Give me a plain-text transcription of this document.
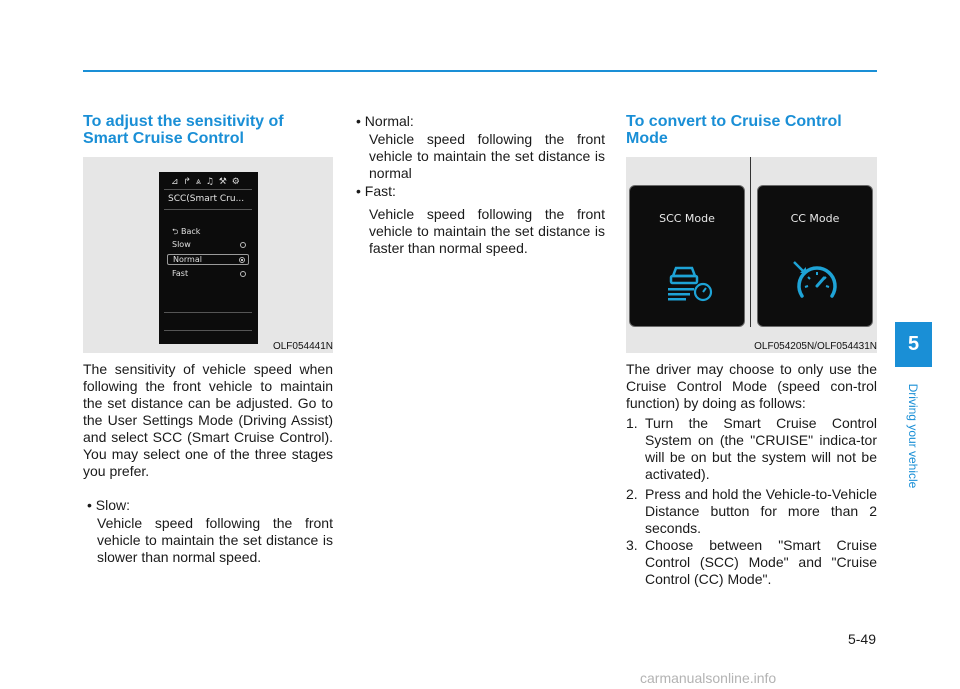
To adjust the sensitivity of
Smart Cruise Control
⊿ ↱ ⩓ ♫ ⚒ ⚙
SCC(Smart Cru...
⮌ Back
Slow
Normal
Fast
OLF054441N

The sensitivity of vehicle speed when following the front vehicle to maintain the set distance can be adjusted. Go to the User Settings Mode (Driving Assist) and select SCC (Smart Cruise Control). You may select one of the three stages you prefer.

• Slow:
Vehicle speed following the front vehicle to maintain the set distance is slower than normal speed.
• Normal:
Vehicle speed following the front vehicle to maintain the set distance is normal
• Fast:
Vehicle speed following the front vehicle to maintain the set distance is faster than normal speed.
To convert to Cruise Control
Mode
SCC Mode	CC Mode
OLF054205N/OLF054431N

The driver may choose to only use the Cruise Control Mode (speed con-trol function) by doing as follows:

1. Turn the Smart Cruise Control System on (the "CRUISE" indica-tor will be on but the system will not be activated).
2. Press and hold the Vehicle-to-Vehicle Distance button for more than 2 seconds.
3. Choose between "Smart Cruise Control (SCC) Mode" and "Cruise Control (CC) Mode".
5
Driving your vehicle
5-49
carmanualsonline.info
